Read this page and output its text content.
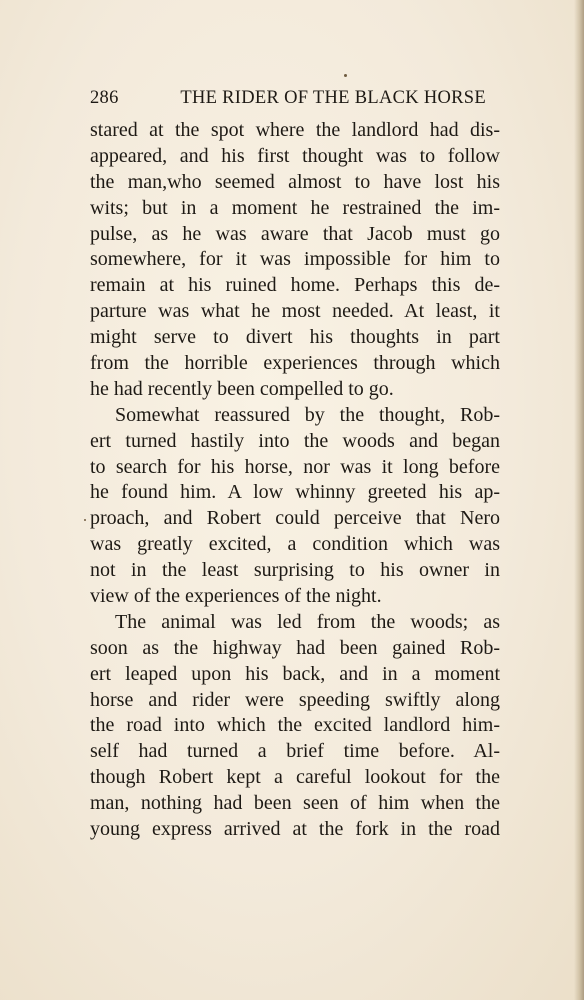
286	THE RIDER OF THE BLACK HORSE
stared at the spot where the landlord had dis-
appeared, and his first thought was to follow
the man,who seemed almost to have lost his
wits; but in a moment he restrained the im-
pulse, as he was aware that Jacob must go
somewhere, for it was impossible for him to
remain at his ruined home. Perhaps this de-
parture was what he most needed. At least, it
might serve to divert his thoughts in part
from the horrible experiences through which
he had recently been compelled to go.
Somewhat reassured by the thought, Rob-
ert turned hastily into the woods and began
to search for his horse, nor was it long before
he found him. A low whinny greeted his ap-
proach, and Robert could perceive that Nero
was greatly excited, a condition which was
not in the least surprising to his owner in
view of the experiences of the night.
The animal was led from the woods; as
soon as the highway had been gained Rob-
ert leaped upon his back, and in a moment
horse and rider were speeding swiftly along
the road into which the excited landlord him-
self had turned a brief time before. Al-
though Robert kept a careful lookout for the
man, nothing had been seen of him when the
young express arrived at the fork in the road
